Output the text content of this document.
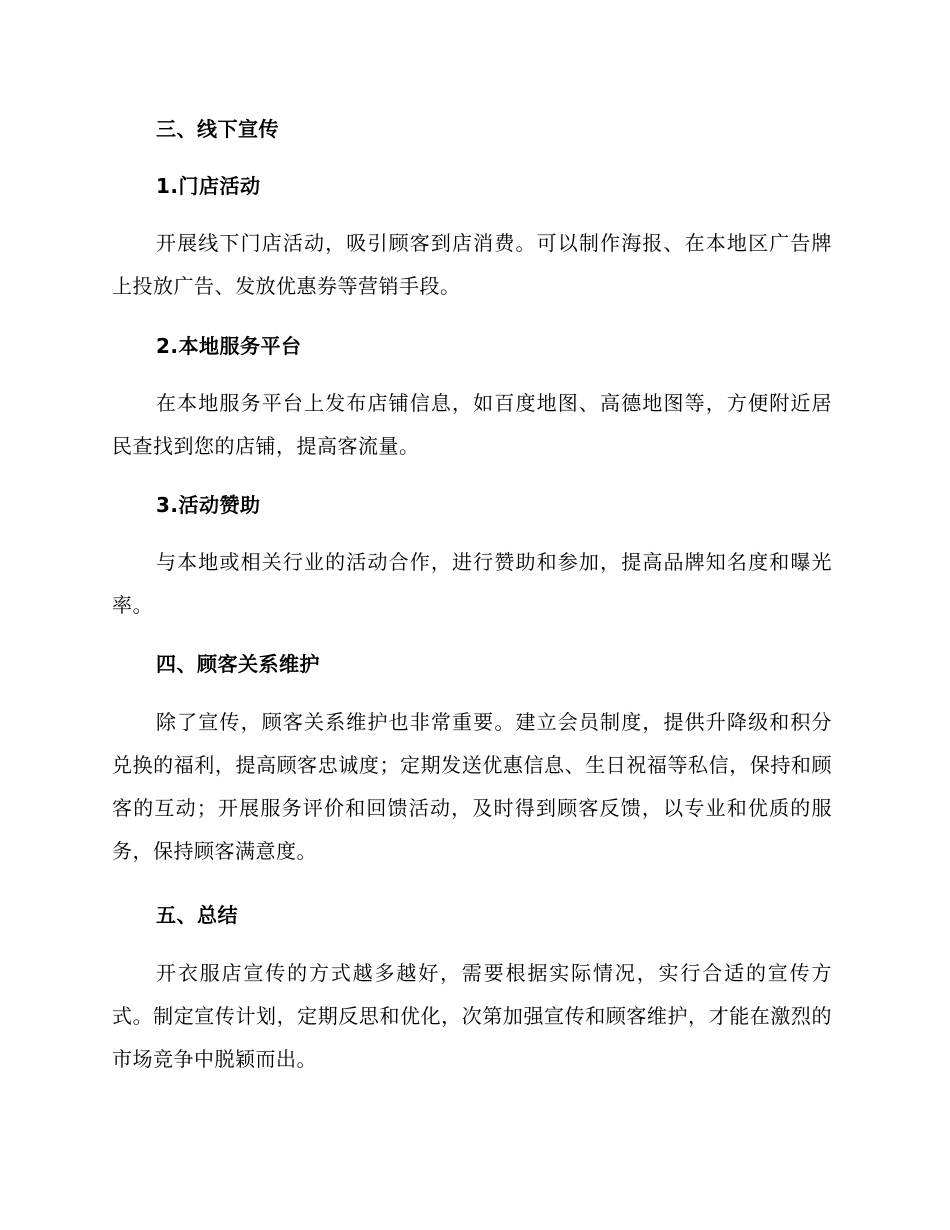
三、线下宣传
1.门店活动

开展线下门店活动，吸引顾客到店消费。可以制作海报、在本地区广告牌上投放广告、发放优惠券等营销手段。

2.本地服务平台

在本地服务平台上发布店铺信息，如百度地图、高德地图等，方便附近居民查找到您的店铺，提高客流量。

3.活动赞助

与本地或相关行业的活动合作，进行赞助和参加，提高品牌知名度和曝光率。

四、顾客关系维护

除了宣传，顾客关系维护也非常重要。建立会员制度，提供升降级和积分兑换的福利，提高顾客忠诚度；定期发送优惠信息、生日祝福等私信，保持和顾客的互动；开展服务评价和回馈活动，及时得到顾客反馈，以专业和优质的服务，保持顾客满意度。

五、总结

开衣服店宣传的方式越多越好，需要根据实际情况，实行合适的宣传方式。制定宣传计划，定期反思和优化，次第加强宣传和顾客维护，才能在激烈的市场竞争中脱颖而出。
